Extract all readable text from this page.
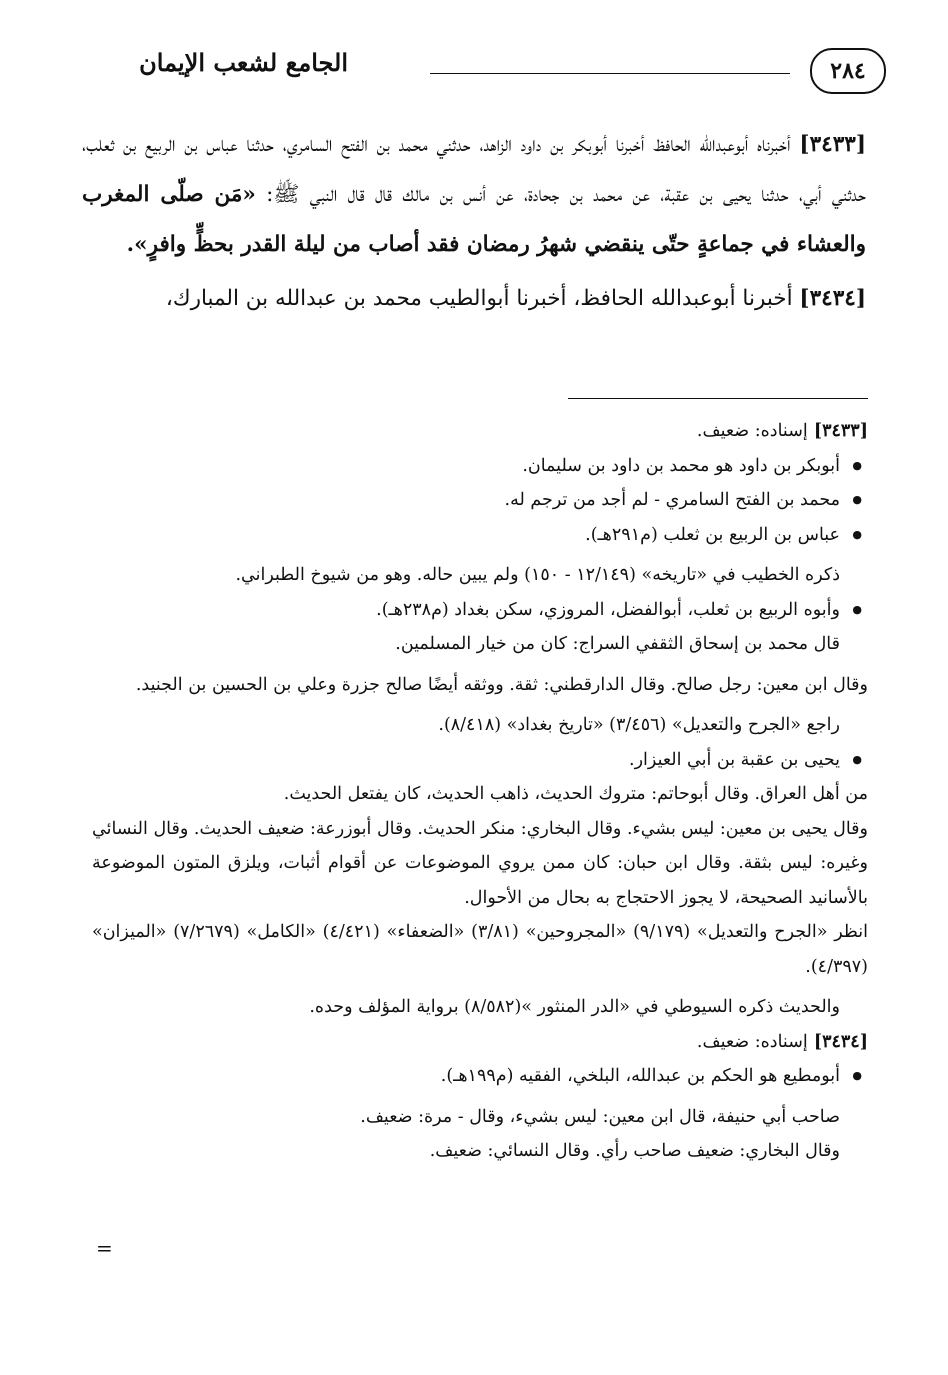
٢٨٤
الجامع لشعب الإيمان

[٣٤٣٣] أخبرناه أبوعبدالله الحافظ أخبرنا أبوبكر بن داود الزاهد، حدثني محمد بن الفتح السامري، حدثنا عباس بن الربيع بن ثعلب، حدثني أبي، حدثنا يحيى بن عقبة، عن محمد بن جحادة، عن أنس بن مالك قال قال النبي ﷺ: «مَن صلّى المغرب والعشاء في جماعةٍ حتّى ينقضي شهرُ رمضان فقد أصاب من ليلة القدر بحظٍّ وافرٍ».

[٣٤٣٤] أخبرنا أبوعبدالله الحافظ، أخبرنا أبوالطيب محمد بن عبدالله بن المبارك،

[٣٤٣٣] إسناده: ضعيف.

● أبوبكر بن داود هو محمد بن داود بن سليمان.

● محمد بن الفتح السامري - لم أجد من ترجم له.

● عباس بن الربيع بن ثعلب (م٢٩١هـ).

ذكره الخطيب في «تاريخه» (١٢/١٤٩ - ١٥٠) ولم يبين حاله. وهو من شيوخ الطبراني.

● وأبوه الربيع بن ثعلب، أبوالفضل، المروزي، سكن بغداد (م٢٣٨هـ).

قال محمد بن إسحاق الثقفي السراج: كان من خيار المسلمين.

وقال ابن معين: رجل صالح. وقال الدارقطني: ثقة. ووثقه أيضًا صالح جزرة وعلي بن الحسين بن الجنيد.

راجع «الجرح والتعديل» (٣/٤٥٦) «تاريخ بغداد» (٨/٤١٨).

● يحيى بن عقبة بن أبي العيزار.

من أهل العراق. وقال أبوحاتم: متروك الحديث، ذاهب الحديث، كان يفتعل الحديث.

وقال يحيى بن معين: ليس بشيء. وقال البخاري: منكر الحديث. وقال أبوزرعة: ضعيف الحديث. وقال النسائي وغيره: ليس بثقة. وقال ابن حبان: كان ممن يروي الموضوعات عن أقوام أثبات، ويلزق المتون الموضوعة بالأسانيد الصحيحة، لا يجوز الاحتجاج به بحال من الأحوال.

انظر «الجرح والتعديل» (٩/١٧٩) «المجروحين» (٣/٨١) «الضعفاء» (٤/٤٢١) «الكامل» (٧/٢٦٧٩) «الميزان» (٤/٣٩٧).

والحديث ذكره السيوطي في «الدر المنثور »(٨/٥٨٢) برواية المؤلف وحده.

[٣٤٣٤] إسناده: ضعيف.

● أبومطيع هو الحكم بن عبدالله، البلخي، الفقيه (م١٩٩هـ).

صاحب أبي حنيفة، قال ابن معين: ليس بشيء، وقال - مرة: ضعيف.

وقال البخاري: ضعيف صاحب رأي. وقال النسائي: ضعيف.

=
